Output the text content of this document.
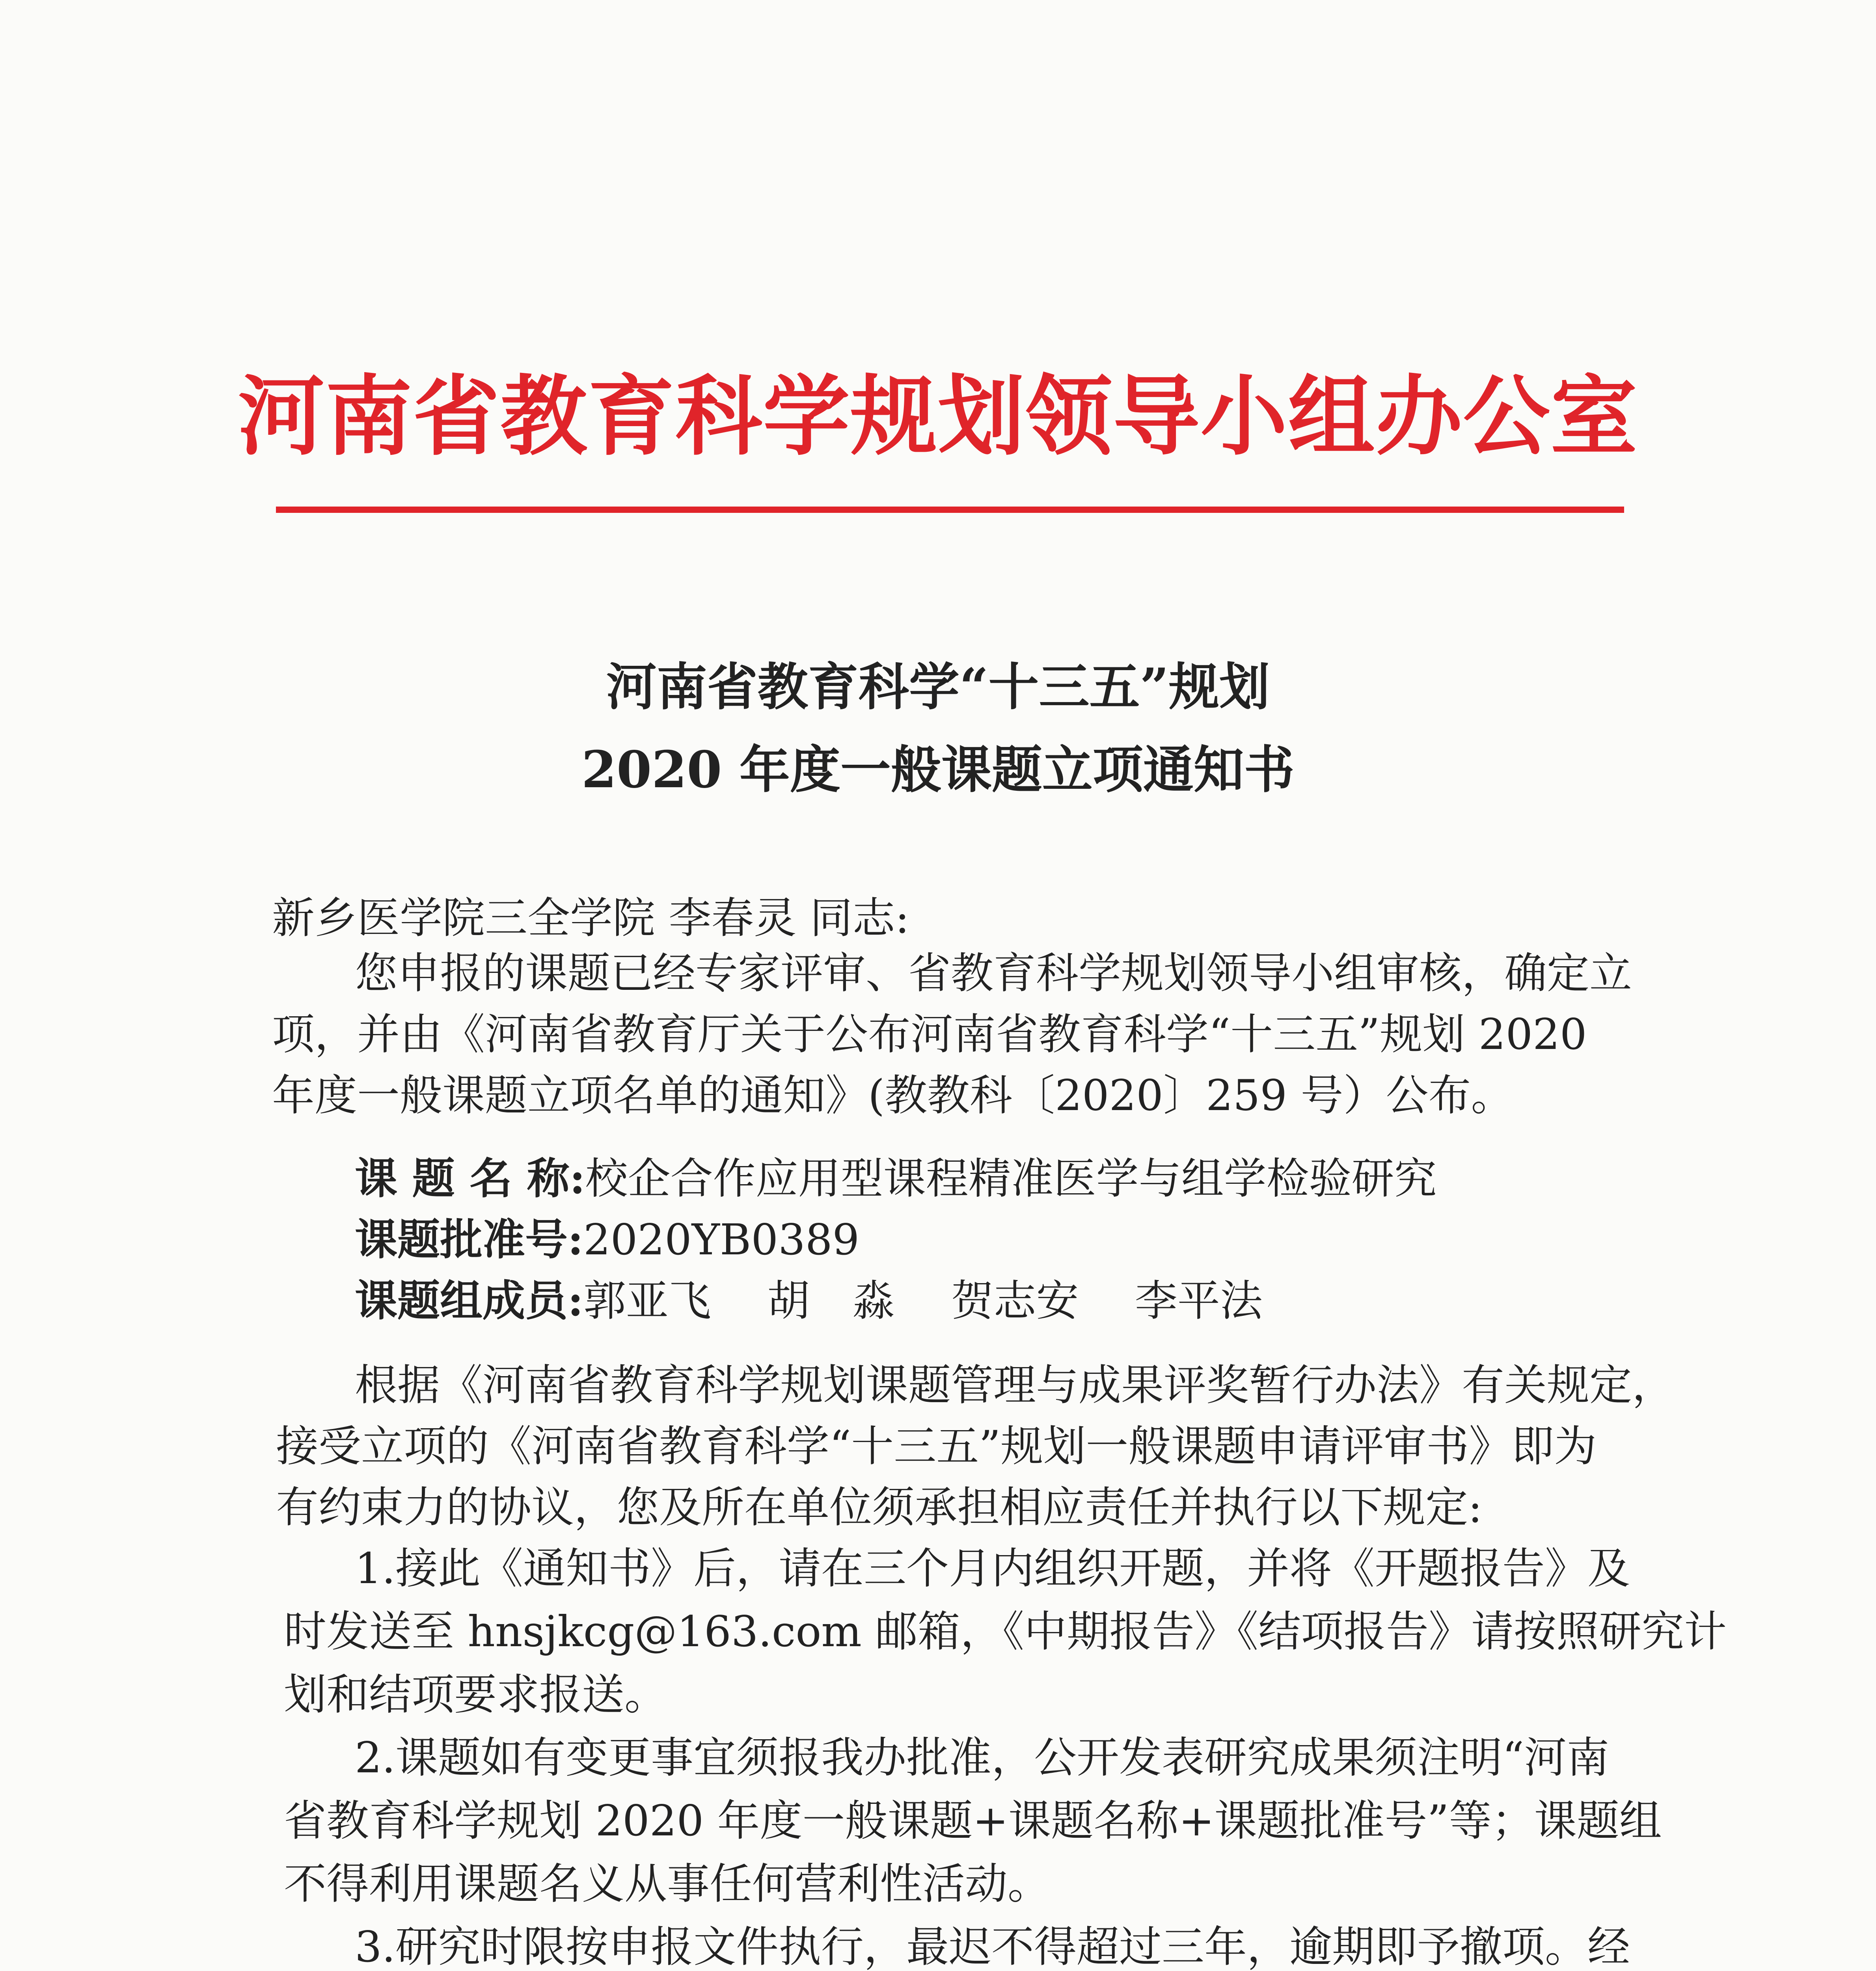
河南省教育科学规划领导小组办公室
河南省教育科学“十三五”规划
2020 年度一般课题立项通知书
新乡医学院三全学院 李春灵 同志:
您申报的课题已经专家评审、省教育科学规划领导小组审核，确定立
项，并由《河南省教育厅关于公布河南省教育科学“十三五”规划 2020
年度一般课题立项名单的通知》(教教科〔2020〕259 号）公布。
课 题 名 称:校企合作应用型课程精准医学与组学检验研究
课题批准号:2020YB0389
课题组成员:郭亚飞　 胡　淼　 贺志安　 李平法
根据《河南省教育科学规划课题管理与成果评奖暂行办法》有关规定，
接受立项的《河南省教育科学“十三五”规划一般课题申请评审书》即为
有约束力的协议，您及所在单位须承担相应责任并执行以下规定:
1.接此《通知书》后，请在三个月内组织开题，并将《开题报告》及
时发送至 hnsjkcg@163.com 邮箱，《中期报告》《结项报告》请按照研究计
划和结项要求报送。
2.课题如有变更事宜须报我办批准，公开发表研究成果须注明“河南
省教育科学规划 2020 年度一般课题+课题名称+课题批准号”等；课题组
不得利用课题名义从事任何营利性活动。
3.研究时限按申报文件执行，最迟不得超过三年，逾期即予撤项。经
